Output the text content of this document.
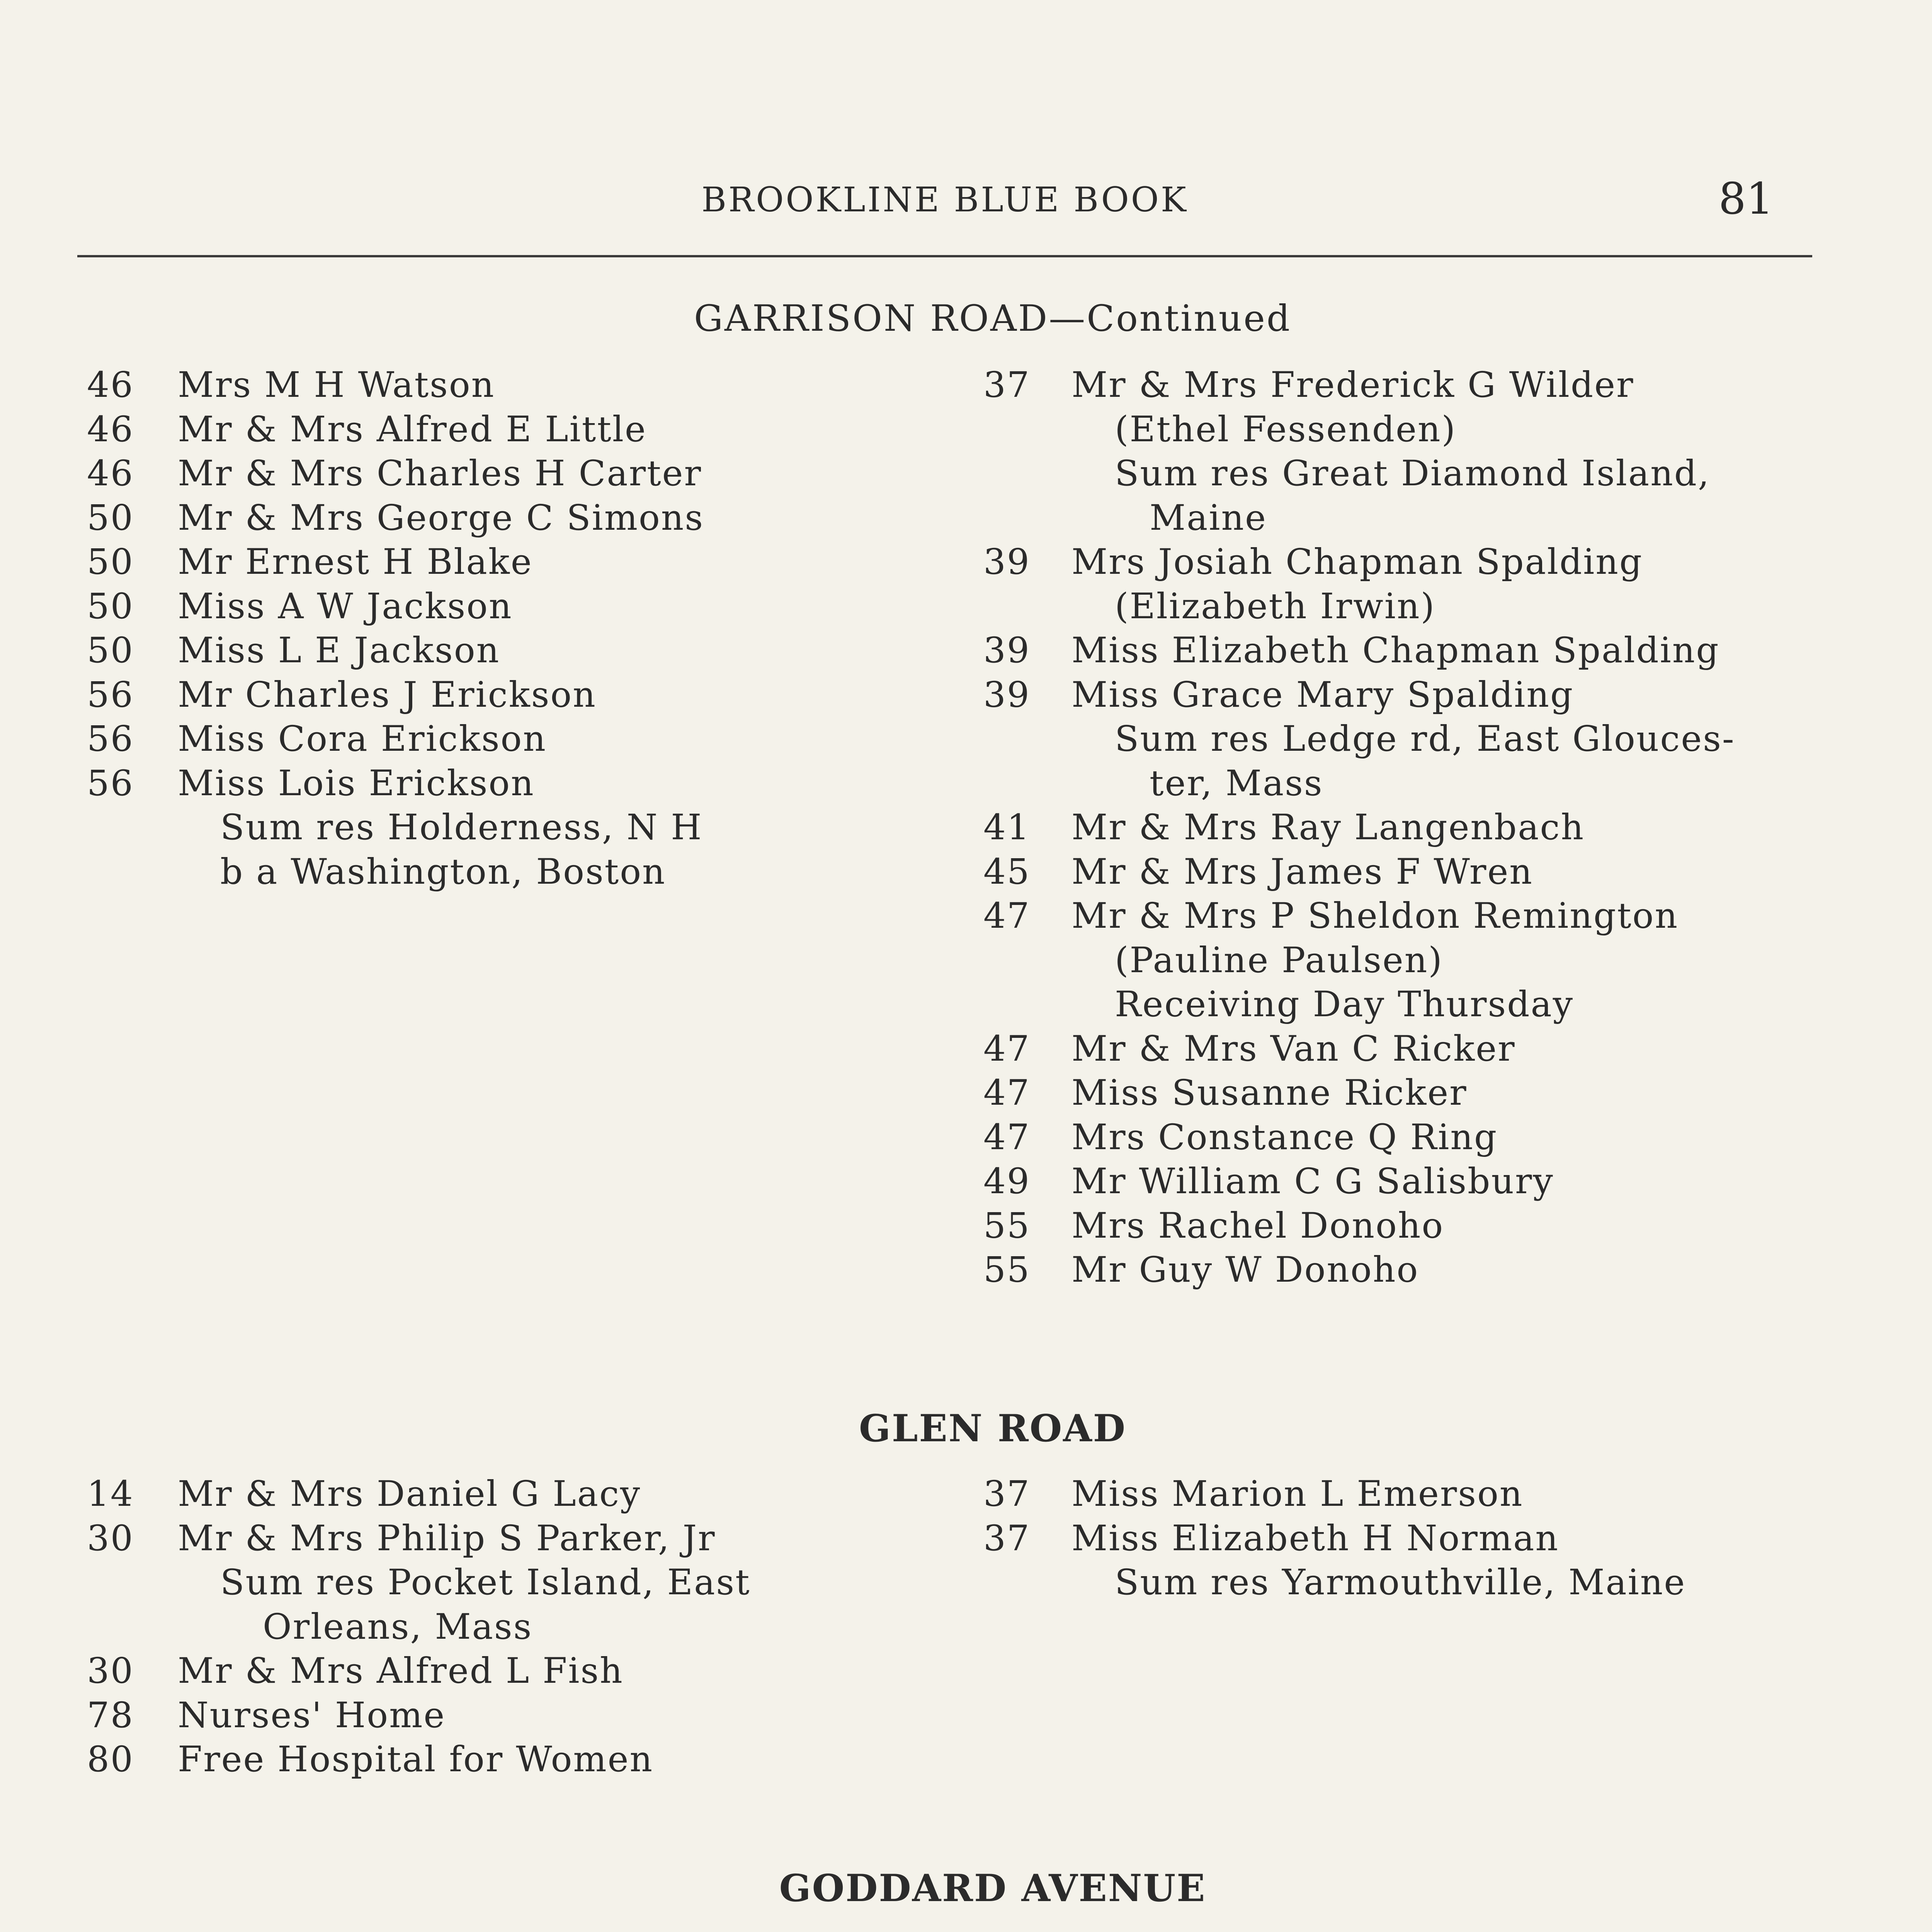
BROOKLINE BLUE BOOK	81
GARRISON ROAD—Continued
46 Mrs M H Watson
46 Mr & Mrs Alfred E Little
46 Mr & Mrs Charles H Carter
50 Mr & Mrs George C Simons
50 Mr Ernest H Blake
50 Miss A W Jackson
50 Miss L E Jackson
56 Mr Charles J Erickson
56 Miss Cora Erickson
56 Miss Lois Erickson
Sum res Holderness, N H
b a Washington, Boston
37 Mr & Mrs Frederick G Wilder
(Ethel Fessenden)
Sum res Great Diamond Island,
Maine
39 Mrs Josiah Chapman Spalding
(Elizabeth Irwin)
39 Miss Elizabeth Chapman Spalding
39 Miss Grace Mary Spalding
Sum res Ledge rd, East Glouces-
ter, Mass
41 Mr & Mrs Ray Langenbach
45 Mr & Mrs James F Wren
47 Mr & Mrs P Sheldon Remington
(Pauline Paulsen)
Receiving Day Thursday
47 Mr & Mrs Van C Ricker
47 Miss Susanne Ricker
47 Mrs Constance Q Ring
49 Mr William C G Salisbury
55 Mrs Rachel Donoho
55 Mr Guy W Donoho
GLEN ROAD
14 Mr & Mrs Daniel G Lacy
30 Mr & Mrs Philip S Parker, Jr
Sum res Pocket Island, East
Orleans, Mass
30 Mr & Mrs Alfred L Fish
78 Nurses' Home
80 Free Hospital for Women
37 Miss Marion L Emerson
37 Miss Elizabeth H Norman
Sum res Yarmouthville, Maine
GODDARD AVENUE
